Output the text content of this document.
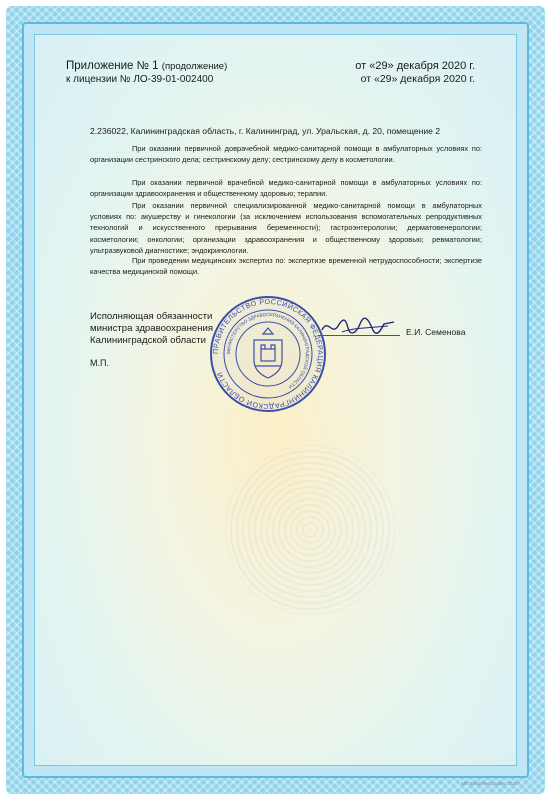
Приложение № 1 (продолжение)
к лицензии № ЛО-39-01-002400
от «29» декабря 2020 г.
от «29» декабря 2020 г.
2.236022, Калининградская область, г. Калининград, ул. Уральская, д. 20, помещение 2
При оказании первичной доврачебной медико-санитарной помощи в амбулаторных условиях по: организации сестринского дела; сестринскому делу; сестринскому делу в косметологии.
При оказании первичной врачебной медико-санитарной помощи в амбулаторных условиях по: организации здравоохранения и общественному здоровью; терапии.
При оказании первичной специализированной медико-санитарной помощи в амбулаторных условиях по: акушерству и гинекологии (за исключением использования вспомогательных репродуктивных технологий и искусственного прерывания беременности); гастроэнтерологии; дерматовенерологии; косметологии; онкологии; организации здравоохранения и общественному здоровью; ревматологии; ультразвуковой диагностике; эндокринологии.
При проведении медицинских экспертиз по: экспертизе временной нетрудоспособности; экспертизе качества медицинской помощи.
Исполняющая обязанности
министра здравоохранения
Калининградской области
Е.И. Семенова
М.П.
ПРАВИТЕЛЬСТВО РОССИЙСКАЯ ФЕДЕРАЦИЯ КАЛИНИНГРАДСКОЙ ОБЛАСТИ
МИНИСТЕРСТВО ЗДРАВООХРАНЕНИЯ КАЛИНИНГРАДСКОЙ ОБЛАСТИ
МК ПрофЛексСервис 2020 г.
